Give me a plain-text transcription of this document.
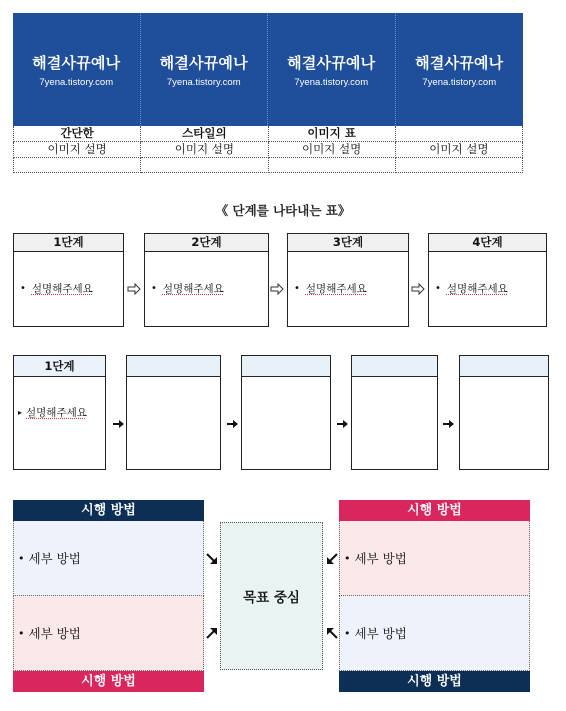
해결사뀨예나
7yena.tistory.com
해결사뀨예나
7yena.tistory.com
해결사뀨예나
7yena.tistory.com
해결사뀨예나
7yena.tistory.com
간단한	스타일의	이미지 표
이미지 설명	이미지 설명	이미지 설명	이미지 설명
《 단계를 나타내는 표》
1단계
• 설명해주세요
2단계
• 설명해주세요
3단계
• 설명해주세요
4단계
• 설명해주세요
1단계
▸ 설명해주세요
시행 방법
• 세부 방법
• 세부 방법
시행 방법
목표 중심
시행 방법
• 세부 방법
• 세부 방법
시행 방법
